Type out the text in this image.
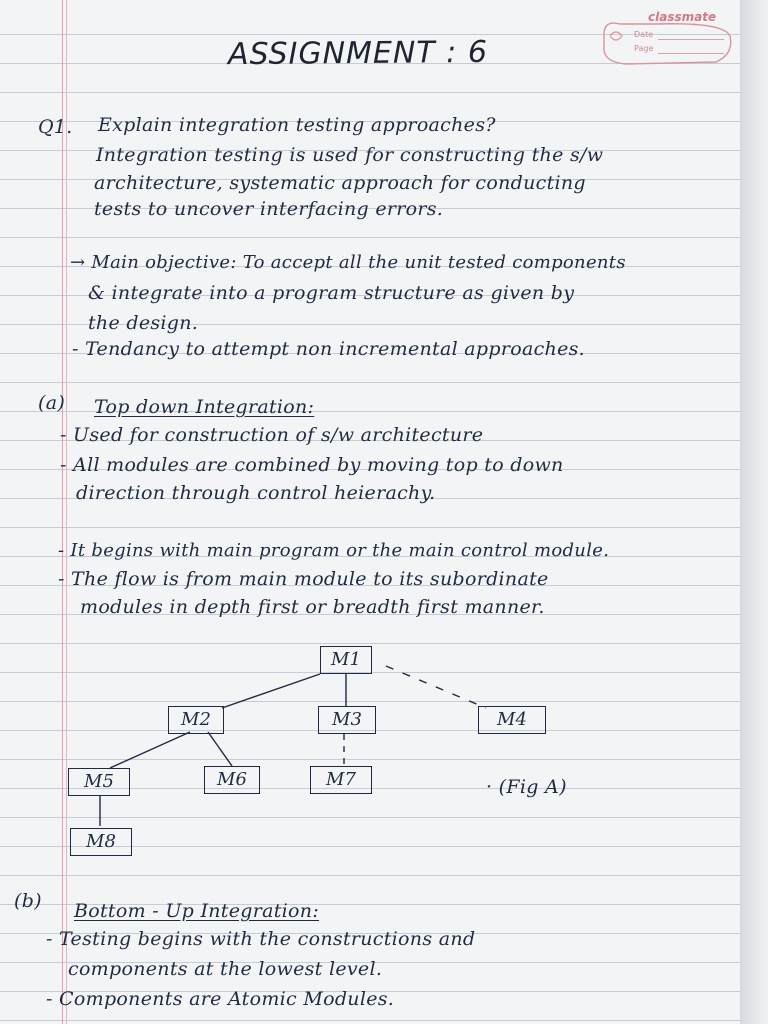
classmate
Date
Page
ASSIGNMENT : 6
Q1. Explain integration testing approaches?
Integration testing is used for constructing the s/w
architecture, systematic approach for conducting
tests to uncover interfacing errors.
→ Main objective: To accept all the unit tested components
& integrate into a program structure as given by
the design.
- Tendancy to attempt non incremental approaches.
(a) Top down Integration:
- Used for construction of s/w architecture
- All modules are combined by moving top to down
direction through control heierachy.
- It begins with main program or the main control module.
- The flow is from main module to its subordinate
modules in depth first or breadth first manner.
M1
M2	M3	M4
M5	M6	M7
M8
· (Fig A)
(b) Bottom - Up Integration:
- Testing begins with the constructions and
components at the lowest level.
- Components are Atomic Modules.
